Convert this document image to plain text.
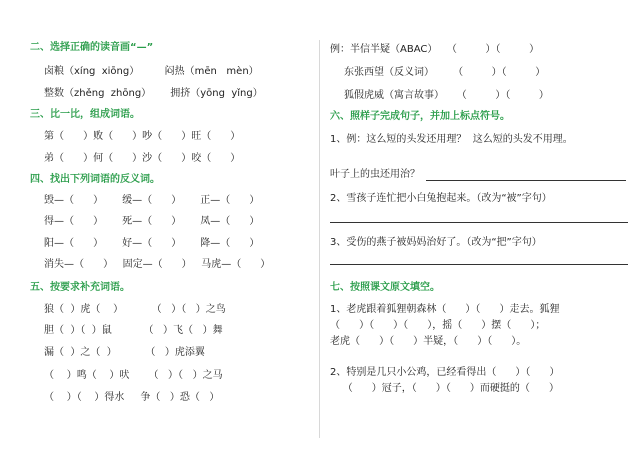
二、选择正确的读音画“—”
卤粮（xíng  xiōng）        闷热（mēn   mèn）
整数（zhěng  zhōng）      拥挤（yōng  yǐng）
三、比一比，组成词语。
第（      ）败（      ）吵（      ）旺（      ）
弟（      ）何（      ）沙（      ）咬（      ）
四、找出下列词语的反义词。
毁—（      ）      缓—（      ）      正—（      ）
得—（      ）      死—（      ）      凤—（      ）
阳—（      ）      好—（      ）      降—（      ）
消失—（      ）   固定—（      ）   马虎—（      ）
五、按要求补充词语。
狼（  ）虎（    ）         （   ）（   ）之鸟
胆（  ）（  ）鼠          （   ）飞（   ）舞
漏（  ）之（  ）         （   ）虎添翼
（    ）鸣（    ）吠      （   ）（   ）之马
（    ）（    ）得水     争（   ）恐（   ）
例：半信半疑（ABAC）   （         ）（         ）
东张西望（反义词）      （         ）（         ）
狐假虎威（寓言故事）    （         ）（         ）
六、照样子完成句子，并加上标点符号。
1、例：这么短的头发还用理？  这么短的头发不用理。
叶子上的虫还用治？
2、雪孩子连忙把小白兔抱起来。（改为“被”字句）
3、受伤的燕子被妈妈治好了。（改为“把”字句）
七、按照课文原文填空。
1、老虎跟着狐狸朝森林（      ）（      ）走去。狐狸
（      ）（      ）（      ），摇（      ）摆（      ）；
老虎（      ）（      ）半疑，（      ）（      ）。
2、特别是几只小公鸡，已经看得出（      ）（      ）
（      ）冠子，（      ）（      ）而硬挺的（      ）
